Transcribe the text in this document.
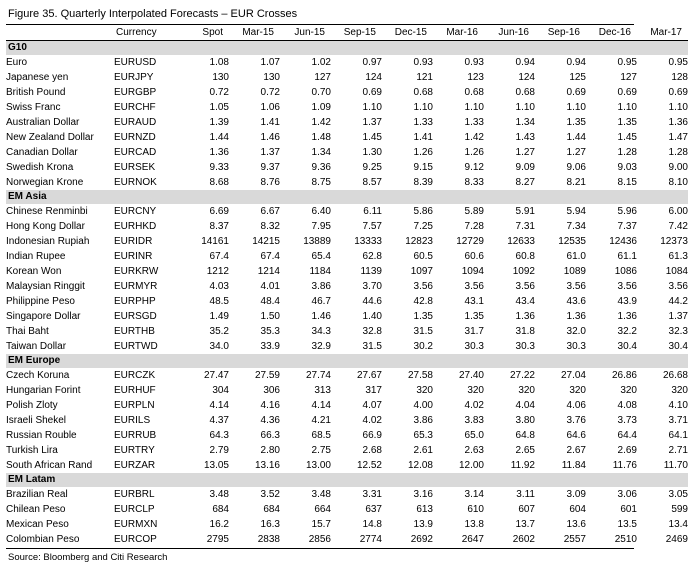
Figure 35. Quarterly Interpolated Forecasts – EUR Crosses
	Currency	Spot	Mar-15	Jun-15	Sep-15	Dec-15	Mar-16	Jun-16	Sep-16	Dec-16	Mar-17
G10											
Euro	EURUSD	1.08	1.07	1.02	0.97	0.93	0.93	0.94	0.94	0.95	0.95
Japanese yen	EURJPY	130	130	127	124	121	123	124	125	127	128
British Pound	EURGBP	0.72	0.72	0.70	0.69	0.68	0.68	0.68	0.69	0.69	0.69
Swiss Franc	EURCHF	1.05	1.06	1.09	1.10	1.10	1.10	1.10	1.10	1.10	1.10
Australian Dollar	EURAUD	1.39	1.41	1.42	1.37	1.33	1.33	1.34	1.35	1.35	1.36
New Zealand Dollar	EURNZD	1.44	1.46	1.48	1.45	1.41	1.42	1.43	1.44	1.45	1.47
Canadian Dollar	EURCAD	1.36	1.37	1.34	1.30	1.26	1.26	1.27	1.27	1.28	1.28
Swedish Krona	EURSEK	9.33	9.37	9.36	9.25	9.15	9.12	9.09	9.06	9.03	9.00
Norwegian Krone	EURNOK	8.68	8.76	8.75	8.57	8.39	8.33	8.27	8.21	8.15	8.10
EM Asia											
Chinese Renminbi	EURCNY	6.69	6.67	6.40	6.11	5.86	5.89	5.91	5.94	5.96	6.00
Hong Kong Dollar	EURHKD	8.37	8.32	7.95	7.57	7.25	7.28	7.31	7.34	7.37	7.42
Indonesian Rupiah	EURIDR	14161	14215	13889	13333	12823	12729	12633	12535	12436	12373
Indian Rupee	EURINR	67.4	67.4	65.4	62.8	60.5	60.6	60.8	61.0	61.1	61.3
Korean Won	EURKRW	1212	1214	1184	1139	1097	1094	1092	1089	1086	1084
Malaysian Ringgit	EURMYR	4.03	4.01	3.86	3.70	3.56	3.56	3.56	3.56	3.56	3.56
Philippine Peso	EURPHP	48.5	48.4	46.7	44.6	42.8	43.1	43.4	43.6	43.9	44.2
Singapore Dollar	EURSGD	1.49	1.50	1.46	1.40	1.35	1.35	1.36	1.36	1.36	1.37
Thai Baht	EURTHB	35.2	35.3	34.3	32.8	31.5	31.7	31.8	32.0	32.2	32.3
Taiwan Dollar	EURTWD	34.0	33.9	32.9	31.5	30.2	30.3	30.3	30.3	30.4	30.4
EM Europe											
Czech Koruna	EURCZK	27.47	27.59	27.74	27.67	27.58	27.40	27.22	27.04	26.86	26.68
Hungarian Forint	EURHUF	304	306	313	317	320	320	320	320	320	320
Polish Zloty	EURPLN	4.14	4.16	4.14	4.07	4.00	4.02	4.04	4.06	4.08	4.10
Israeli Shekel	EURILS	4.37	4.36	4.21	4.02	3.86	3.83	3.80	3.76	3.73	3.71
Russian Rouble	EURRUB	64.3	66.3	68.5	66.9	65.3	65.0	64.8	64.6	64.4	64.1
Turkish Lira	EURTRY	2.79	2.80	2.75	2.68	2.61	2.63	2.65	2.67	2.69	2.71
South African Rand	EURZAR	13.05	13.16	13.00	12.52	12.08	12.00	11.92	11.84	11.76	11.70
EM Latam											
Brazilian Real	EURBRL	3.48	3.52	3.48	3.31	3.16	3.14	3.11	3.09	3.06	3.05
Chilean Peso	EURCLP	684	684	664	637	613	610	607	604	601	599
Mexican Peso	EURMXN	16.2	16.3	15.7	14.8	13.9	13.8	13.7	13.6	13.5	13.4
Colombian Peso	EURCOP	2795	2838	2856	2774	2692	2647	2602	2557	2510	2469
Source: Bloomberg and Citi Research
